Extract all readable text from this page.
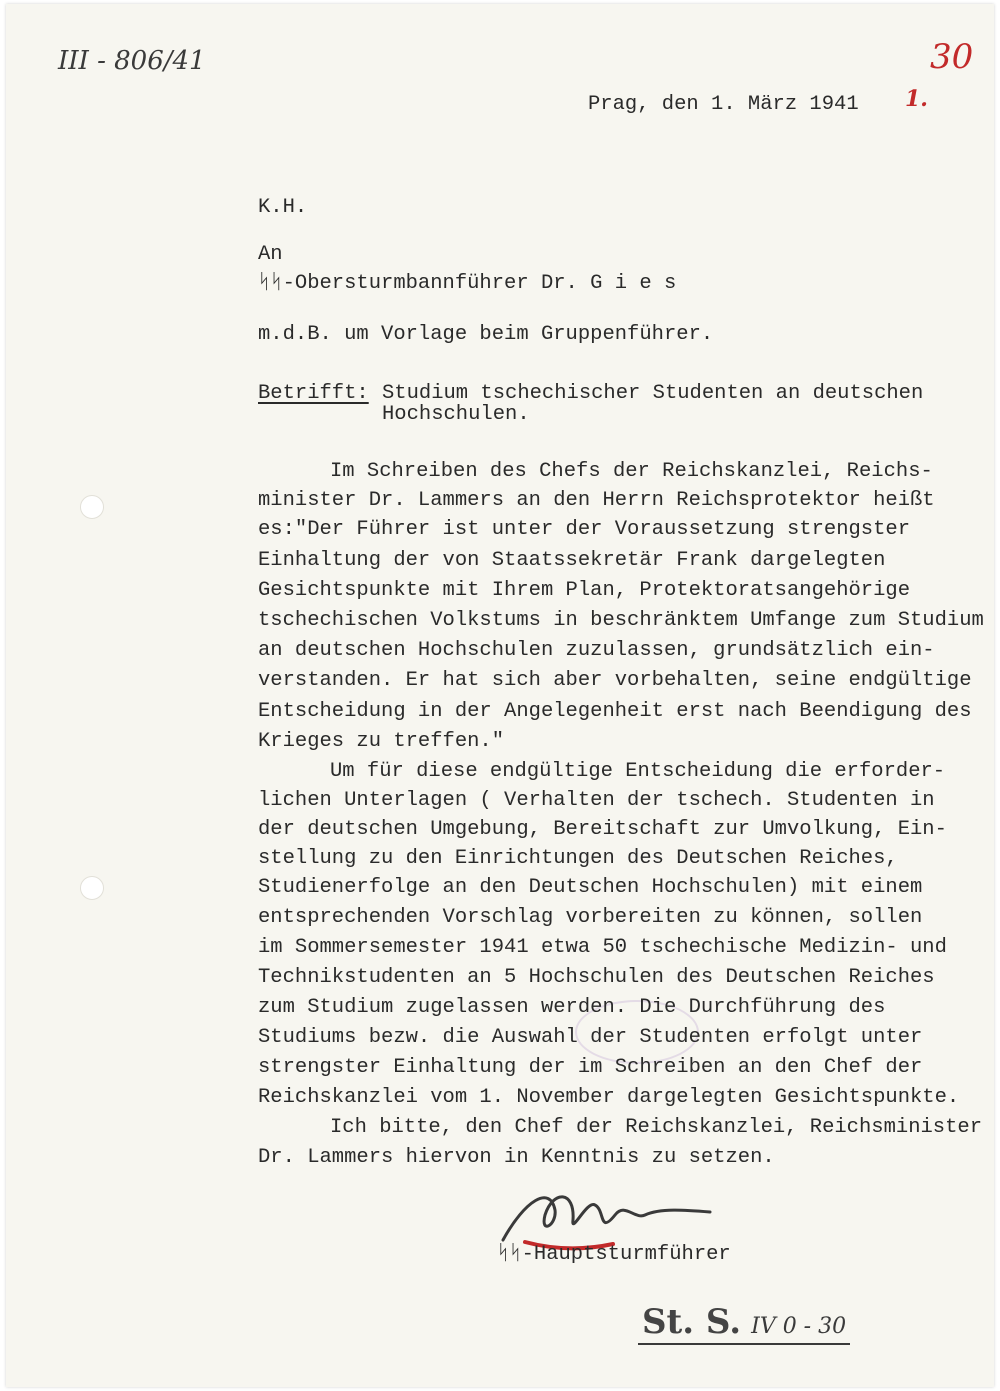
III - 806/41	30
1.
Prag, den 1. März 1941
K.H.
An
ᛋᛋ-Obersturmbannführer Dr. G i e s
m.d.B. um Vorlage beim Gruppenführer.
Betrifft: Studium tschechischer Studenten an deutschen
Hochschulen.
Im Schreiben des Chefs der Reichskanzlei, Reichs-
minister Dr. Lammers an den Herrn Reichsprotektor heißt
es:"Der Führer ist unter der Voraussetzung strengster
Einhaltung der von Staatssekretär Frank dargelegten
Gesichtspunkte mit Ihrem Plan, Protektoratsangehörige
tschechischen Volkstums in beschränktem Umfange zum Studium
an deutschen Hochschulen zuzulassen, grundsätzlich ein-
verstanden. Er hat sich aber vorbehalten, seine endgültige
Entscheidung in der Angelegenheit erst nach Beendigung des
Krieges zu treffen."
Um für diese endgültige Entscheidung die erforder-
lichen Unterlagen ( Verhalten der tschech. Studenten in
der deutschen Umgebung, Bereitschaft zur Umvolkung, Ein-
stellung zu den Einrichtungen des Deutschen Reiches,
Studienerfolge an den Deutschen Hochschulen) mit einem
entsprechenden Vorschlag vorbereiten zu können, sollen
im Sommersemester 1941 etwa 50 tschechische Medizin- und
Technikstudenten an 5 Hochschulen des Deutschen Reiches
zum Studium zugelassen werden. Die Durchführung des
Studiums bezw. die Auswahl der Studenten erfolgt unter
strengster Einhaltung der im Schreiben an den Chef der
Reichskanzlei vom 1. November dargelegten Gesichtspunkte.
Ich bitte, den Chef der Reichskanzlei, Reichsminister
Dr. Lammers hiervon in Kenntnis zu setzen.
ᛋᛋ-Hauptsturmführer
St. S. IV 0 - 30
